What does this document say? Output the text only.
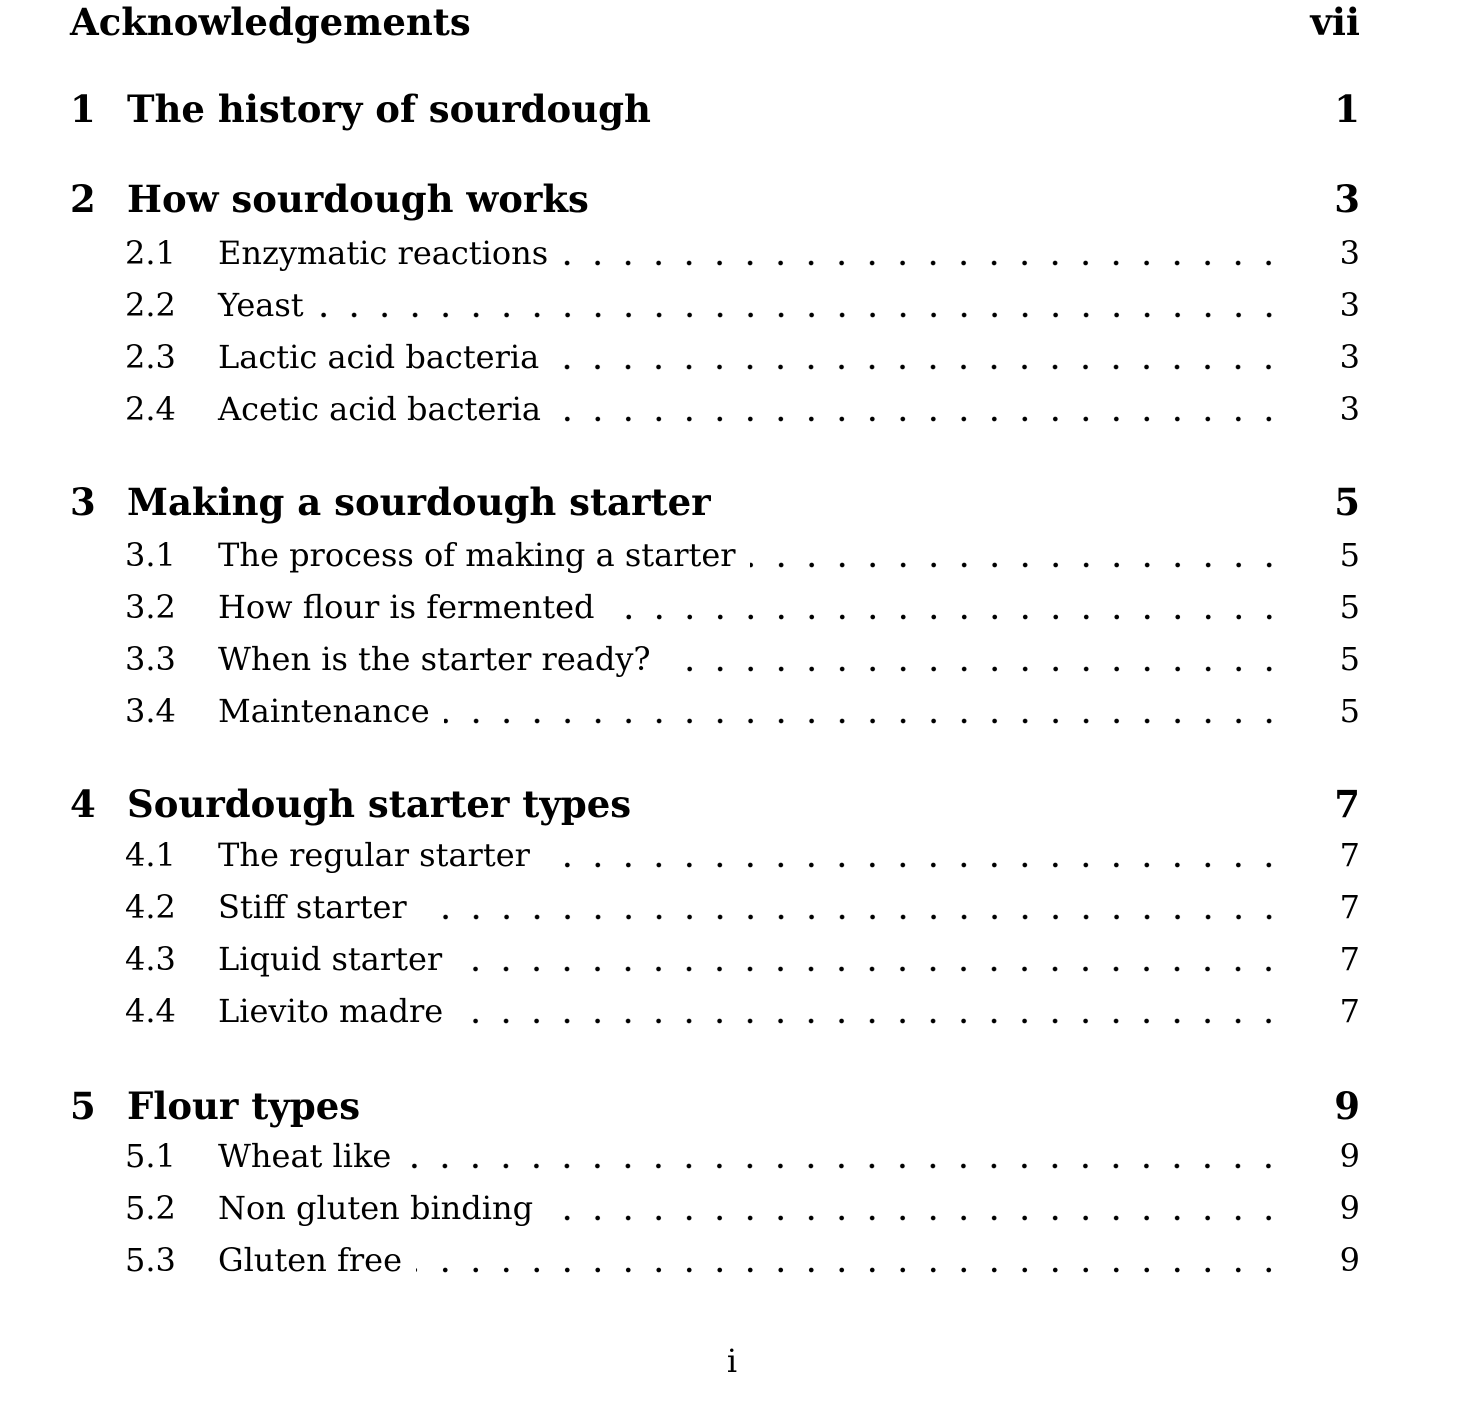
Acknowledgements	vii
1 The history of sourdough	1
2 How sourdough works	3
2.1	Enzymatic reactions	3
2.2	Yeast	3
2.3	Lactic acid bacteria	3
2.4	Acetic acid bacteria	3
3 Making a sourdough starter	5
3.1	The process of making a starter	5
3.2	How flour is fermented	5
3.3	When is the starter ready?	5
3.4	Maintenance	5
4 Sourdough starter types	7
4.1	The regular starter	7
4.2	Stiff starter	7
4.3	Liquid starter	7
4.4	Lievito madre	7
5 Flour types	9
5.1	Wheat like	9
5.2	Non gluten binding	9
5.3	Gluten free	9
i
